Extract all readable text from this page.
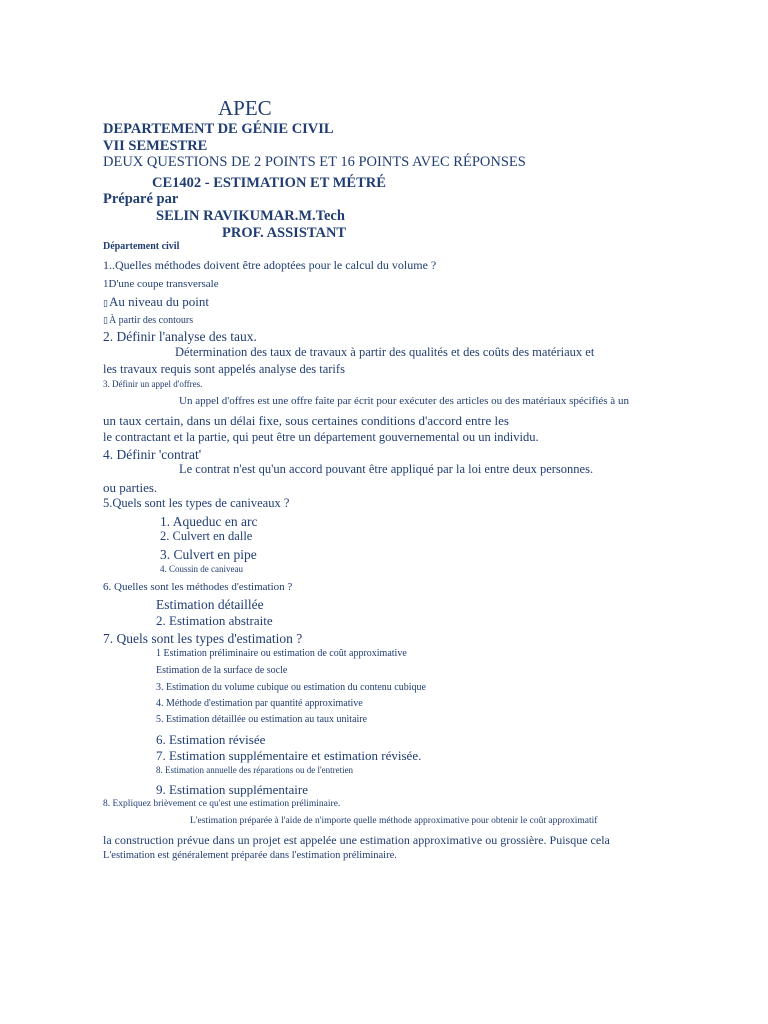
APEC
DEPARTEMENT DE GÉNIE CIVIL
VII SEMESTRE
DEUX QUESTIONS DE 2 POINTS ET 16 POINTS AVEC RÉPONSES
CE1402 - ESTIMATION ET MÉTRÉ
Préparé par
SELIN RAVIKUMAR.M.Tech
PROF. ASSISTANT
Département civil
1..Quelles méthodes doivent être adoptées pour le calcul du volume ?
1D'une coupe transversale
▯Au niveau du point
▯À partir des contours
2. Définir l'analyse des taux.
Détermination des taux de travaux à partir des qualités et des coûts des matériaux et
les travaux requis sont appelés analyse des tarifs
3. Définir un appel d'offres.
Un appel d'offres est une offre faite par écrit pour exécuter des articles ou des matériaux spécifiés à un
un taux certain, dans un délai fixe, sous certaines conditions d'accord entre les
le contractant et la partie, qui peut être un département gouvernemental ou un individu.
4. Définir 'contrat'
Le contrat n'est qu'un accord pouvant être appliqué par la loi entre deux personnes.
ou parties.
5.Quels sont les types de caniveaux ?
1. Aqueduc en arc
2. Culvert en dalle
3. Culvert en pipe
4. Coussin de caniveau
6. Quelles sont les méthodes d'estimation ?
Estimation détaillée
2. Estimation abstraite
7. Quels sont les types d'estimation ?
1 Estimation préliminaire ou estimation de coût approximative
Estimation de la surface de socle
3. Estimation du volume cubique ou estimation du contenu cubique
4. Méthode d'estimation par quantité approximative
5. Estimation détaillée ou estimation au taux unitaire
6. Estimation révisée
7. Estimation supplémentaire et estimation révisée.
8. Estimation annuelle des réparations ou de l'entretien
9. Estimation supplémentaire
8. Expliquez brièvement ce qu'est une estimation préliminaire.
L'estimation préparée à l'aide de n'importe quelle méthode approximative pour obtenir le coût approximatif
la construction prévue dans un projet est appelée une estimation approximative ou grossière. Puisque cela
L'estimation est généralement préparée dans l'estimation préliminaire.
